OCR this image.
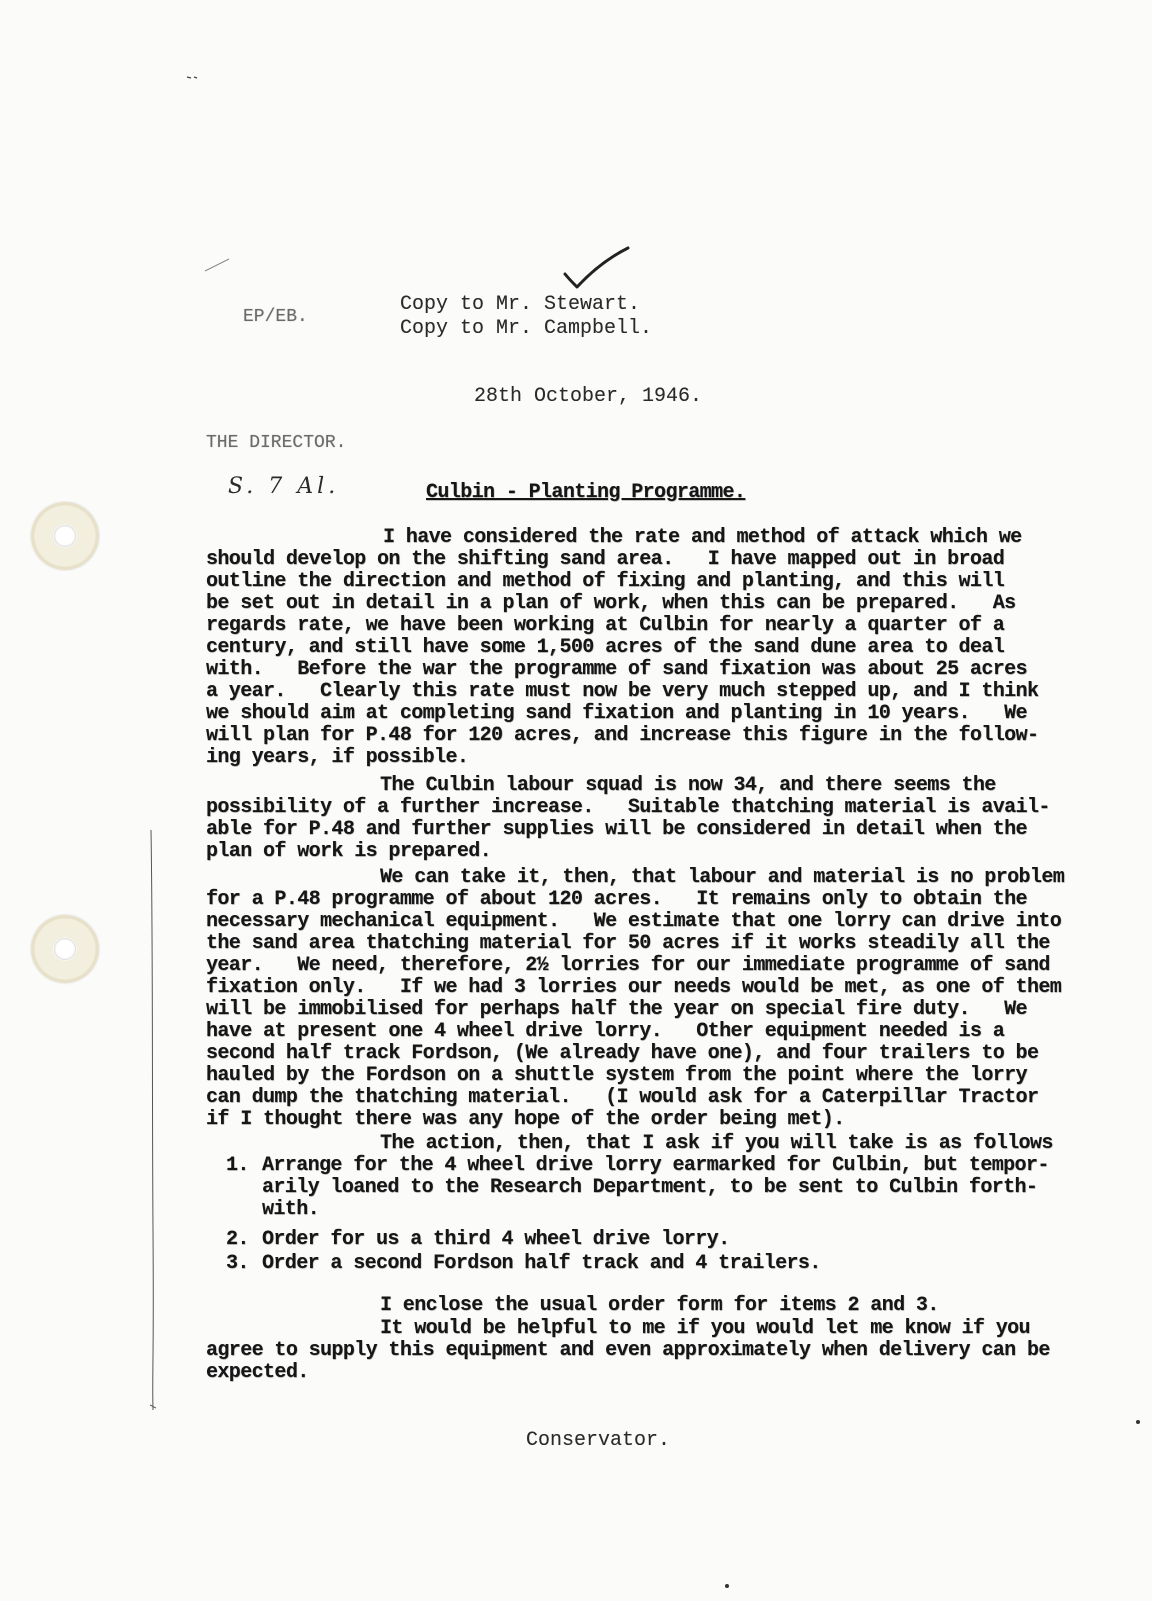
EP/EB.
Copy to Mr. Stewart.
Copy to Mr. Campbell.
28th October, 1946.
THE DIRECTOR.
S. 7 Al.	Culbin - Planting Programme.
I have considered the rate and method of attack which we
should develop on the shifting sand area.   I have mapped out in broad
outline the direction and method of fixing and planting, and this will
be set out in detail in a plan of work, when this can be prepared.   As
regards rate, we have been working at Culbin for nearly a quarter of a
century, and still have some 1,500 acres of the sand dune area to deal
with.   Before the war the programme of sand fixation was about 25 acres
a year.   Clearly this rate must now be very much stepped up, and I think
we should aim at completing sand fixation and planting in 10 years.   We
will plan for P.48 for 120 acres, and increase this figure in the follow-
ing years, if possible.
The Culbin labour squad is now 34, and there seems the
possibility of a further increase.   Suitable thatching material is avail-
able for P.48 and further supplies will be considered in detail when the
plan of work is prepared.
We can take it, then, that labour and material is no problem
for a P.48 programme of about 120 acres.   It remains only to obtain the
necessary mechanical equipment.   We estimate that one lorry can drive into
the sand area thatching material for 50 acres if it works steadily all the
year.   We need, therefore, 2½ lorries for our immediate programme of sand
fixation only.   If we had 3 lorries our needs would be met, as one of them
will be immobilised for perhaps half the year on special fire duty.   We
have at present one 4 wheel drive lorry.   Other equipment needed is a
second half track Fordson, (We already have one), and four trailers to be
hauled by the Fordson on a shuttle system from the point where the lorry
can dump the thatching material.   (I would ask for a Caterpillar Tractor
if I thought there was any hope of the order being met).
The action, then, that I ask if you will take is as follows
1. Arrange for the 4 wheel drive lorry earmarked for Culbin, but tempor-
arily loaned to the Research Department, to be sent to Culbin forth-
with.
2. Order for us a third 4 wheel drive lorry.
3. Order a second Fordson half track and 4 trailers.
I enclose the usual order form for items 2 and 3.
It would be helpful to me if you would let me know if you
agree to supply this equipment and even approximately when delivery can be
expected.
Conservator.
